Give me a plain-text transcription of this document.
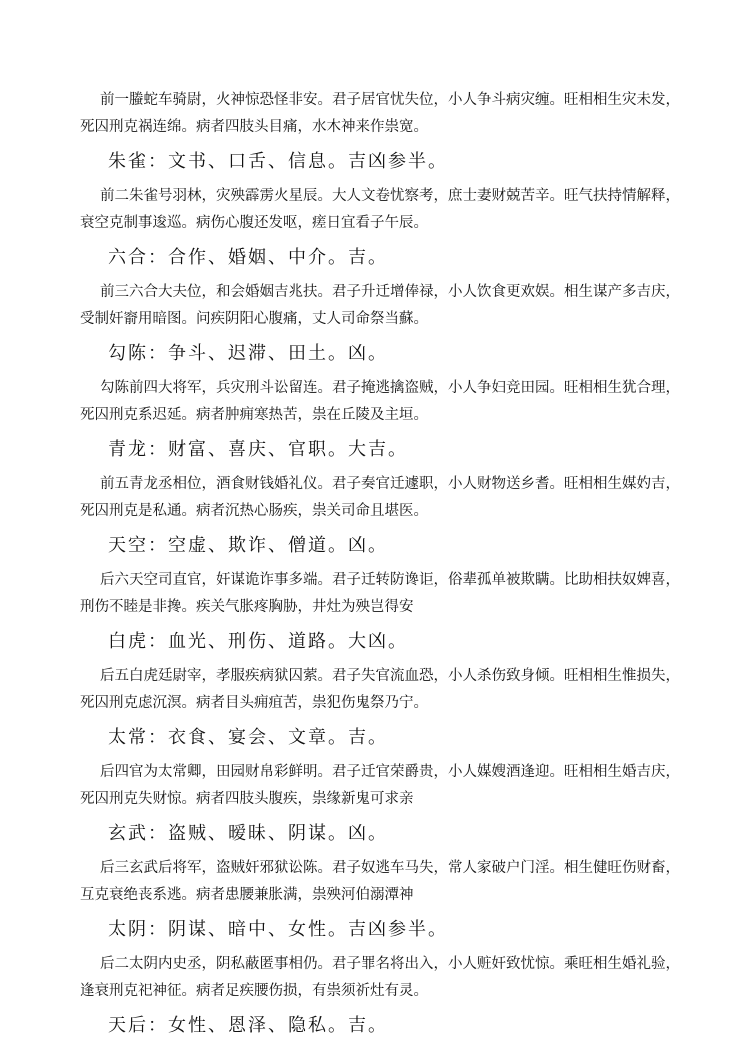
前一螣蛇车骑尉，火神惊恐怪非安。君子居官忧失位，小人争斗病灾缠。旺相相生灾未发，死囚刑克祸连绵。病者四肢头目痛，水木神来作祟宽。

朱雀：文书、口舌、信息。吉凶参半。

前二朱雀号羽林，灾殃霹雳火星辰。大人文卷忧察考，庶士妻财兢苦辛。旺气扶持情解释，衰空克制事逡巡。病伤心腹还发呕，瘥日宜看子午辰。

六合：合作、婚姻、中介。吉。

前三六合大夫位，和会婚姻吉兆扶。君子升迁增俸禄，小人饮食更欢娱。相生谋产多吉庆，受制奸窬用暗图。问疾阴阳心腹痛，丈人司命祭当蘇。

勾陈：争斗、迟滞、田土。凶。

勾陈前四大将军，兵灾刑斗讼留连。君子掩逃擒盗贼，小人争妇竞田园。旺相相生犹合理，死囚刑克系迟延。病者肿痈寒热苦，祟在丘陵及主垣。

青龙：财富、喜庆、官职。大吉。

前五青龙丞相位，酒食财钱婚礼仪。君子奏官迁遽职，小人财物送乡耆。旺相相生媒妁吉，死囚刑克是私通。病者沉热心肠疾，祟关司命且堪医。

天空：空虚、欺诈、僧道。凶。

后六天空司直官，奸谋诡诈事多端。君子迁转防谗讵，俗辈孤单被欺瞒。比助相扶奴婢喜，刑伤不睦是非搀。疾关气胀疼胸胁，井灶为殃岂得安

白虎：血光、刑伤、道路。大凶。

后五白虎廷尉宰，孝服疾病狱囚萦。君子失官流血恐，小人杀伤致身倾。旺相相生惟损失，死囚刑克虑沉溟。病者目头痈疽苦，祟犯伤鬼祭乃宁。

太常：衣食、宴会、文章。吉。

后四官为太常卿，田园财帛彩鲜明。君子迁官荣爵贵，小人媒嫂酒逢迎。旺相相生婚吉庆，死囚刑克失财惊。病者四肢头腹疾，祟缘新鬼可求亲

玄武：盗贼、暧昧、阴谋。凶。

后三玄武后将军，盗贼奸邪狱讼陈。君子奴逃车马失，常人家破户门淫。相生健旺伤财畜，互克衰绝丧系逃。病者患腰兼胀满，祟殃河伯溺潭神

太阴：阴谋、暗中、女性。吉凶参半。

后二太阴内史丞，阴私蔽匿事相仍。君子罪名将出入，小人赃奸致忧惊。乘旺相生婚礼验，逢衰刑克祀神征。病者足疾腰伤损，有祟须祈灶有灵。

天后：女性、恩泽、隐私。吉。
